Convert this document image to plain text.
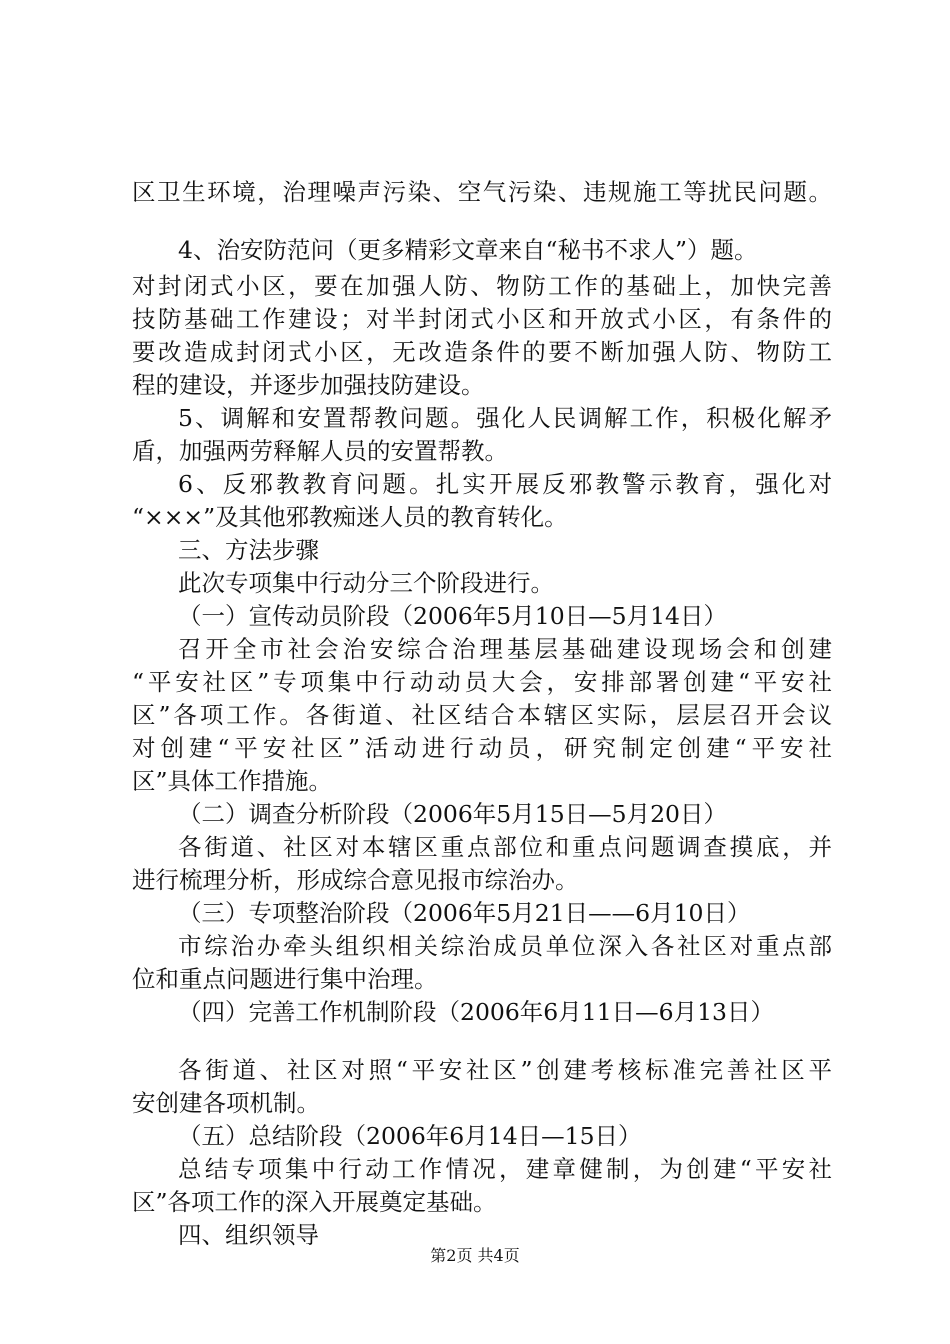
区卫生环境，治理噪声污染、空气污染、违规施工等扰民问题。
4、治安防范问（更多精彩文章来自“秘书不求人”）题。
对封闭式小区，要在加强人防、物防工作的基础上，加快完善
技防基础工作建设；对半封闭式小区和开放式小区，有条件的
要改造成封闭式小区，无改造条件的要不断加强人防、物防工
程的建设，并逐步加强技防建设。
5、调解和安置帮教问题。强化人民调解工作，积极化解矛
盾，加强两劳释解人员的安置帮教。
6、反邪教教育问题。扎实开展反邪教警示教育，强化对
“×××”及其他邪教痴迷人员的教育转化。
三、方法步骤
此次专项集中行动分三个阶段进行。
（一）宣传动员阶段（2006年5月10日—5月14日）
召开全市社会治安综合治理基层基础建设现场会和创建
“平安社区”专项集中行动动员大会，安排部署创建“平安社
区”各项工作。各街道、社区结合本辖区实际，层层召开会议
对创建“平安社区”活动进行动员，研究制定创建“平安社
区”具体工作措施。
（二）调查分析阶段（2006年5月15日—5月20日）
各街道、社区对本辖区重点部位和重点问题调查摸底，并
进行梳理分析，形成综合意见报市综治办。
（三）专项整治阶段（2006年5月21日——6月10日）
市综治办牵头组织相关综治成员单位深入各社区对重点部
位和重点问题进行集中治理。
（四）完善工作机制阶段（2006年6月11日—6月13日）
各街道、社区对照“平安社区”创建考核标准完善社区平
安创建各项机制。
（五）总结阶段（2006年6月14日—15日）
总结专项集中行动工作情况，建章健制，为创建“平安社
区”各项工作的深入开展奠定基础。
四、组织领导
第2页 共4页
